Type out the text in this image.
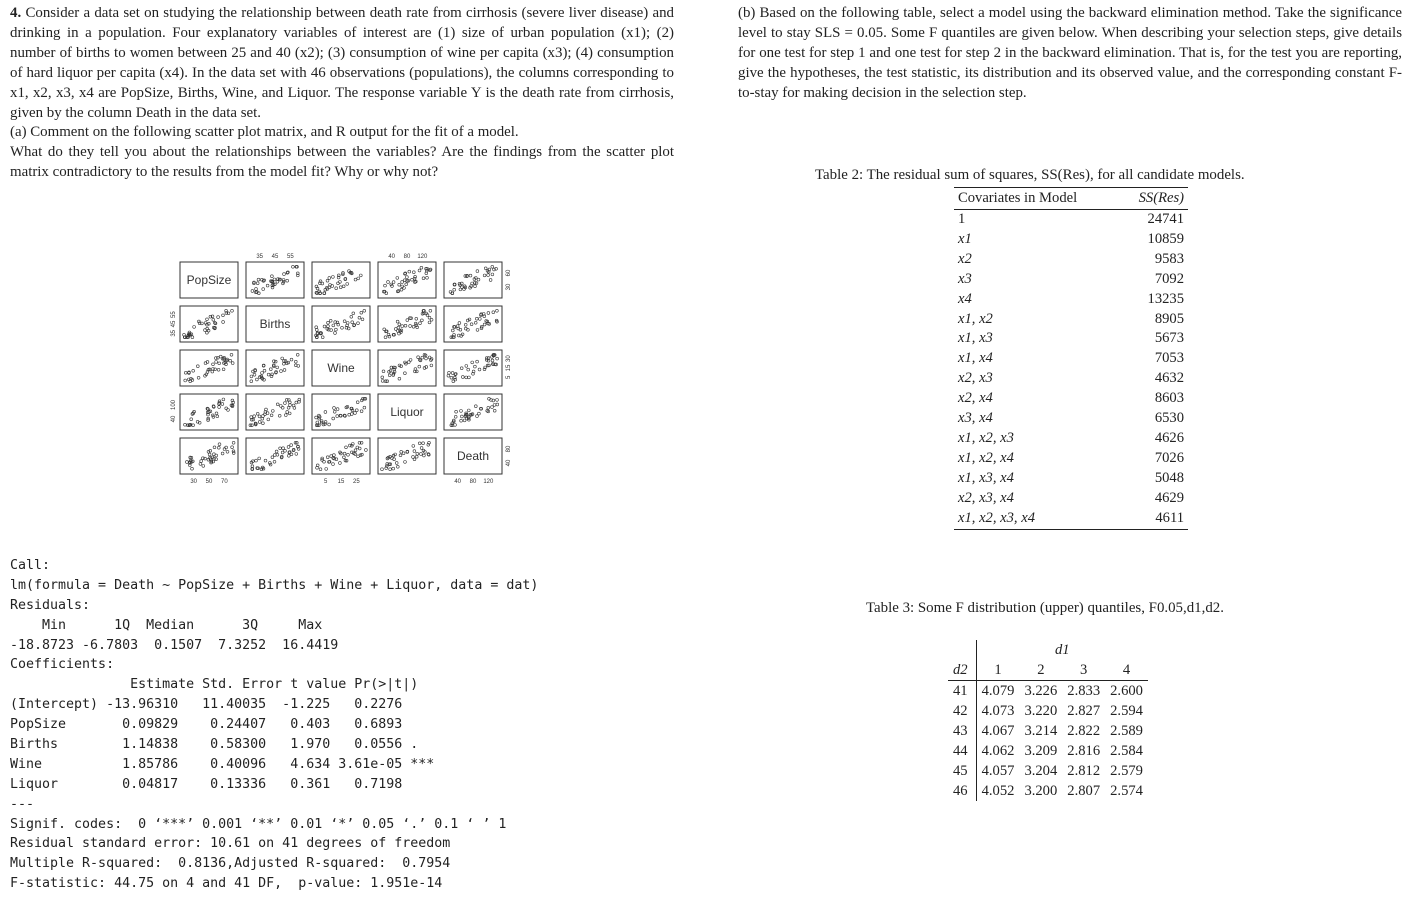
4. Consider a data set on studying the relationship between death rate from cirrhosis (severe liver disease) and drinking in a population. Four explanatory variables of interest are (1) size of urban population (x1); (2) number of births to women between 25 and 40 (x2); (3) consumption of wine per capita (x3); (4) consumption of hard liquor per capita (x4). In the data set with 46 observations (populations), the columns corresponding to x1, x2, x3, x4 are PopSize, Births, Wine, and Liquor. The response variable Y is the death rate from cirrhosis, given by the column Death in the data set.

(a) Comment on the following scatter plot matrix, and R output for the fit of a model.

What do they tell you about the relationships between the variables? Are the findings from the scatter plot matrix contradictory to the results from the model fit? Why or why not?

PopSize
Births
Wine
Liquor
Death
35 45 55	40 80 120
30 50 70	5 15 25	40 80 120
35
45
55
40
100
30
60
5
15
30
40
80
Call:
lm(formula = Death ~ PopSize + Births + Wine + Liquor, data = dat)
Residuals:
Min      1Q  Median      3Q     Max
-18.8723 -6.7803  0.1507  7.3252  16.4419
Coefficients:
Estimate Std. Error t value Pr(>|t|)
(Intercept) -13.96310   11.40035  -1.225   0.2276
PopSize       0.09829    0.24407   0.403   0.6893
Births        1.14838    0.58300   1.970   0.0556 .
Wine          1.85786    0.40096   4.634 3.61e-05 ***
Liquor        0.04817    0.13336   0.361   0.7198
---
Signif. codes:  0 ‘***’ 0.001 ‘**’ 0.01 ‘*’ 0.05 ‘.’ 0.1 ‘ ’ 1
Residual standard error: 10.61 on 41 degrees of freedom
Multiple R-squared:  0.8136,Adjusted R-squared:  0.7954
F-statistic: 44.75 on 4 and 41 DF,  p-value: 1.951e-14

(b) Based on the following table, select a model using the backward elimination method. Take the significance level to stay SLS = 0.05. Some F quantiles are given below. When describing your selection steps, give details for one test for step 1 and one test for step 2 in the backward elimination. That is, for the test you are reporting, give the hypotheses, the test statistic, its distribution and its observed value, and the corresponding constant F-to-stay for making decision in the selection step.

Table 2: The residual sum of squares, SS(Res), for all candidate models.
Covariates in Model	SS(Res)
1	24741
x1	10859
x2	9583
x3	7092
x4	13235
x1, x2	8905
x1, x3	5673
x1, x4	7053
x2, x3	4632
x2, x4	8603
x3, x4	6530
x1, x2, x3	4626
x1, x2, x4	7026
x1, x3, x4	5048
x2, x3, x4	4629
x1, x2, x3, x4	4611
Table 3: Some F distribution (upper) quantiles, F0.05,d1,d2.
	d1			
d2	1	2	3	4
41	4.079	3.226	2.833	2.600
42	4.073	3.220	2.827	2.594
43	4.067	3.214	2.822	2.589
44	4.062	3.209	2.816	2.584
45	4.057	3.204	2.812	2.579
46	4.052	3.200	2.807	2.574
